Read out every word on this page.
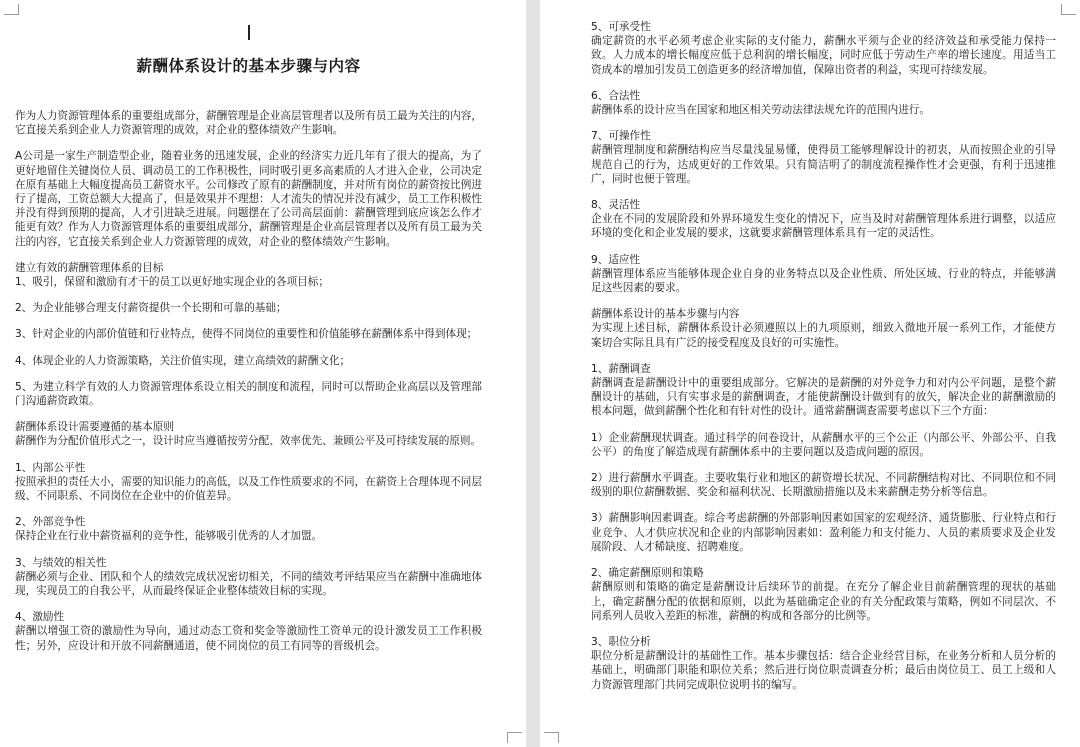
薪酬体系设计的基本步骤与内容

作为人力资源管理体系的重要组成部分，薪酬管理是企业高层管理者以及所有员工最为关注的内容，它直接关系到企业人力资源管理的成效，对企业的整体绩效产生影响。

A公司是一家生产制造型企业，随着业务的迅速发展，企业的经济实力近几年有了很大的提高，为了更好地留住关键岗位人员、调动员工的工作积极性，同时吸引更多高素质的人才进入企业，公司决定在原有基础上大幅度提高员工薪资水平。公司修改了原有的薪酬制度，并对所有岗位的薪资按比例进行了提高，工资总额大大提高了，但是效果并不理想：人才流失的情况并没有减少，员工工作积极性并没有得到预期的提高，人才引进缺乏进展。问题摆在了公司高层面前：薪酬管理到底应该怎么作才能更有效？作为人力资源管理体系的重要组成部分，薪酬管理是企业高层管理者以及所有员工最为关注的内容，它直接关系到企业人力资源管理的成效，对企业的整体绩效产生影响。

建立有效的薪酬管理体系的目标
1、吸引，保留和激励有才干的员工以更好地实现企业的各项目标；

2、为企业能够合理支付薪资提供一个长期和可靠的基础；

3、针对企业的内部价值链和行业特点，使得不同岗位的重要性和价值能够在薪酬体系中得到体现；

4、体现企业的人力资源策略，关注价值实现，建立高绩效的薪酬文化；

5、为建立科学有效的人力资源管理体系设立相关的制度和流程，同时可以帮助企业高层以及管理部门沟通薪资政策。

薪酬体系设计需要遵循的基本原则
薪酬作为分配价值形式之一，设计时应当遵循按劳分配、效率优先、兼顾公平及可持续发展的原则。

1、内部公平性
按照承担的责任大小，需要的知识能力的高低，以及工作性质要求的不同，在薪资上合理体现不同层级、不同职系、不同岗位在企业中的价值差异。

2、外部竞争性
保持企业在行业中薪资福利的竞争性，能够吸引优秀的人才加盟。

3、与绩效的相关性
薪酬必须与企业、团队和个人的绩效完成状况密切相关，不同的绩效考评结果应当在薪酬中准确地体现，实现员工的自我公平，从而最终保证企业整体绩效目标的实现。

4、激励性
薪酬以增强工资的激励性为导向，通过动态工资和奖金等激励性工资单元的设计激发员工工作积极性；另外，应设计和开放不同薪酬通道，使不同岗位的员工有同等的晋级机会。

5、可承受性
确定薪资的水平必须考虑企业实际的支付能力，薪酬水平须与企业的经济效益和承受能力保持一致。人力成本的增长幅度应低于总利润的增长幅度，同时应低于劳动生产率的增长速度。用适当工资成本的增加引发员工创造更多的经济增加值，保障出资者的利益，实现可持续发展。

6、合法性
薪酬体系的设计应当在国家和地区相关劳动法律法规允许的范围内进行。

7、可操作性
薪酬管理制度和薪酬结构应当尽量浅显易懂，使得员工能够理解设计的初衷，从而按照企业的引导规范自己的行为，达成更好的工作效果。只有简洁明了的制度流程操作性才会更强，有利于迅速推广，同时也便于管理。

8、灵活性
企业在不同的发展阶段和外界环境发生变化的情况下，应当及时对薪酬管理体系进行调整，以适应环境的变化和企业发展的要求，这就要求薪酬管理体系具有一定的灵活性。

9、适应性
薪酬管理体系应当能够体现企业自身的业务特点以及企业性质、所处区域、行业的特点，并能够满足这些因素的要求。

薪酬体系设计的基本步骤与内容
为实现上述目标，薪酬体系设计必须遵照以上的九项原则，细致入微地开展一系列工作，才能使方案切合实际且具有广泛的接受程度及良好的可实施性。

1、薪酬调查
薪酬调查是薪酬设计中的重要组成部分。它解决的是薪酬的对外竞争力和对内公平问题，是整个薪酬设计的基础，只有实事求是的薪酬调查，才能使薪酬设计做到有的放矢，解决企业的薪酬激励的根本问题，做到薪酬个性化和有针对性的设计。通常薪酬调查需要考虑以下三个方面：

1）企业薪酬现状调查。通过科学的问卷设计，从薪酬水平的三个公正（内部公平、外部公平、自我公平）的角度了解造成现有薪酬体系中的主要问题以及造成问题的原因。

2）进行薪酬水平调查。主要收集行业和地区的薪资增长状况、不同薪酬结构对比、不同职位和不同级别的职位薪酬数据、奖金和福利状况、长期激励措施以及未来薪酬走势分析等信息。

3）薪酬影响因素调查。综合考虑薪酬的外部影响因素如国家的宏观经济、通货膨胀、行业特点和行业竞争、人才供应状况和企业的内部影响因素如：盈利能力和支付能力、人员的素质要求及企业发展阶段、人才稀缺度、招聘难度。

2、确定薪酬原则和策略
薪酬原则和策略的确定是薪酬设计后续环节的前提。在充分了解企业目前薪酬管理的现状的基础上，确定薪酬分配的依据和原则，以此为基础确定企业的有关分配政策与策略，例如不同层次、不同系列人员收入差距的标准，薪酬的构成和各部分的比例等。

3、职位分析
职位分析是薪酬设计的基础性工作。基本步骤包括：结合企业经营目标，在业务分析和人员分析的基础上，明确部门职能和职位关系；然后进行岗位职责调查分析；最后由岗位员工、员工上级和人力资源管理部门共同完成职位说明书的编写。
